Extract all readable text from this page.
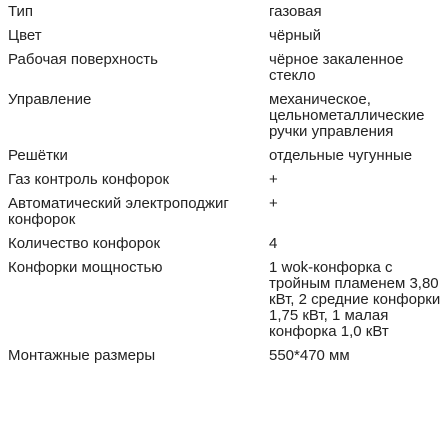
Тип	газовая
Цвет	чёрный
Рабочая поверхность	чёрное закаленное стекло
Управление	механическое, цельнометаллические ручки управления
Решётки	отдельные чугунные
Газ контроль конфорок	+
Автоматический электроподжиг конфорок	+
Количество конфорок	4
Конфорки мощностью	1 wok-конфорка с тройным пламенем 3,80 кВт, 2 средние конфорки 1,75 кВт, 1 малая конфорка 1,0 кВт
Монтажные размеры	550*470 мм
